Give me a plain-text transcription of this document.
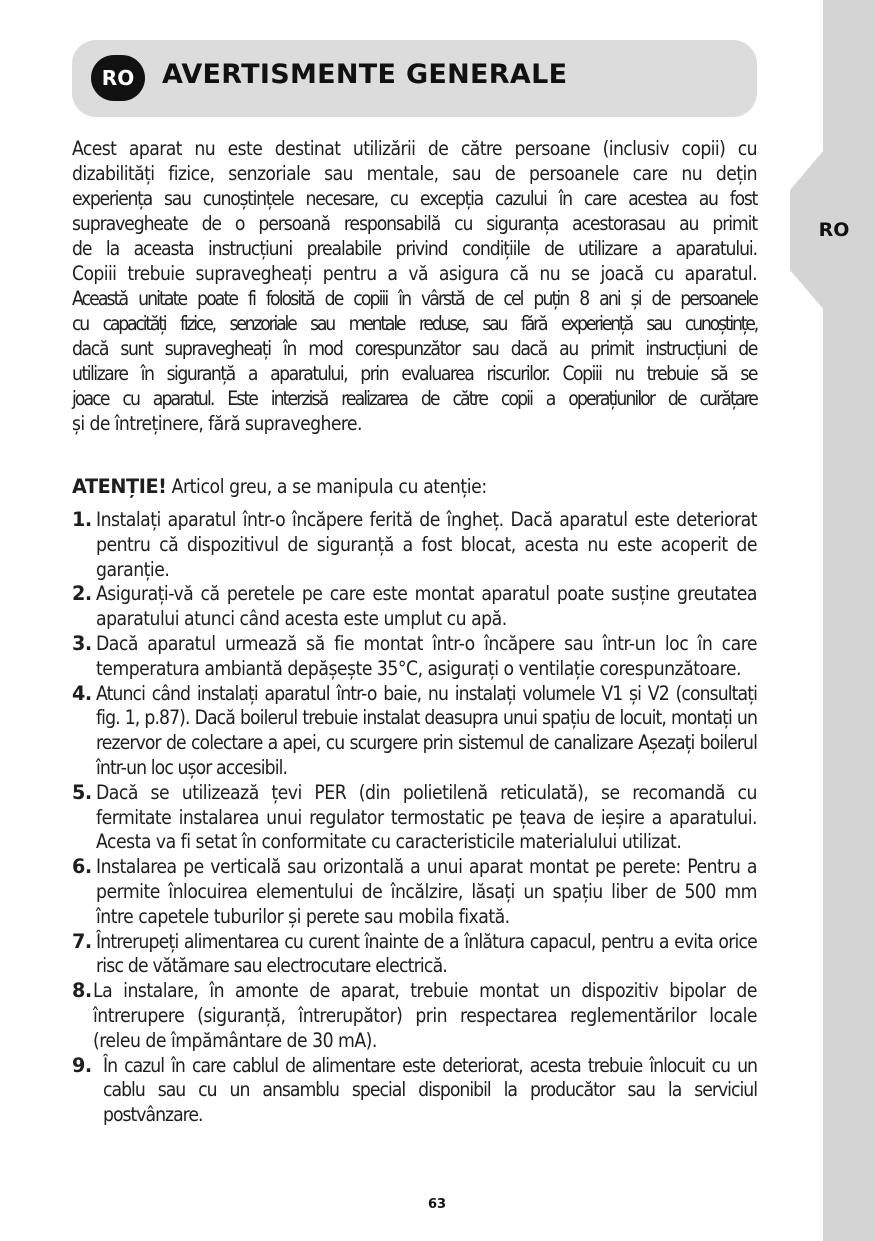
RO
RO	AVERTISMENTE GENERALE
Acest aparat nu este destinat utilizării de către persoane (inclusiv copii) cu
dizabilități fizice, senzoriale sau mentale, sau de persoanele care nu dețin
experiența sau cunoștințele necesare, cu excepția cazului în care acestea au fost
supravegheate de o persoană responsabilă cu siguranța acestorasau au primit
de la aceasta instrucțiuni prealabile privind condițiile de utilizare a aparatului.
Copiii trebuie supravegheați pentru a vă asigura că nu se joacă cu aparatul.
Această unitate poate fi folosită de copiii în vârstă de cel puțin 8 ani și de persoanele
cu capacități fizice, senzoriale sau mentale reduse, sau fără experiență sau cunoștințe,
dacă sunt supravegheați în mod corespunzător sau dacă au primit instrucțiuni de
utilizare în siguranță a aparatului, prin evaluarea riscurilor. Copiii nu trebuie să se
joace cu aparatul. Este interzisă realizarea de către copii a operațiunilor de curățare
și de întreținere, fără supraveghere.
ATENȚIE! Articol greu, a se manipula cu atenție:
1. Instalați aparatul într-o încăpere ferită de îngheț. Dacă aparatul este deteriorat pentru că dispozitivul de siguranță a fost blocat, acesta nu este acoperit de garanție.
2. Asigurați-vă că peretele pe care este montat aparatul poate susține greutatea aparatului atunci când acesta este umplut cu apă.
3. Dacă aparatul urmează să fie montat într-o încăpere sau într-un loc în care temperatura ambiantă depășește 35°C, asigurați o ventilație corespunzătoare.
4. Atunci când instalați aparatul într-o baie, nu instalați volumele V1 și V2 (consultați fig. 1, p.87). Dacă boilerul trebuie instalat deasupra unui spațiu de locuit, montați un rezervor de colectare a apei, cu scurgere prin sistemul de canalizare Așezați boilerul într-un loc ușor accesibil.
5. Dacă se utilizează țevi PER (din polietilenă reticulată), se recomandă cu fermitate instalarea unui regulator termostatic pe țeava de ieșire a aparatului. Acesta va fi setat în conformitate cu caracteristicile materialului utilizat.
6. Instalarea pe verticală sau orizontală a unui aparat montat pe perete: Pentru a permite înlocuirea elementului de încălzire, lăsați un spațiu liber de 500 mm între capetele tuburilor și perete sau mobila fixată.
7. Întrerupeți alimentarea cu curent înainte de a înlătura capacul, pentru a evita orice risc de vătămare sau electrocutare electrică.
8. La instalare, în amonte de aparat, trebuie montat un dispozitiv bipolar de întrerupere (siguranță, întrerupător) prin respectarea reglementărilor locale (releu de împământare de 30 mA).
9. În cazul în care cablul de alimentare este deteriorat, acesta trebuie înlocuit cu un cablu sau cu un ansamblu special disponibil la producător sau la serviciul postvânzare.
63
